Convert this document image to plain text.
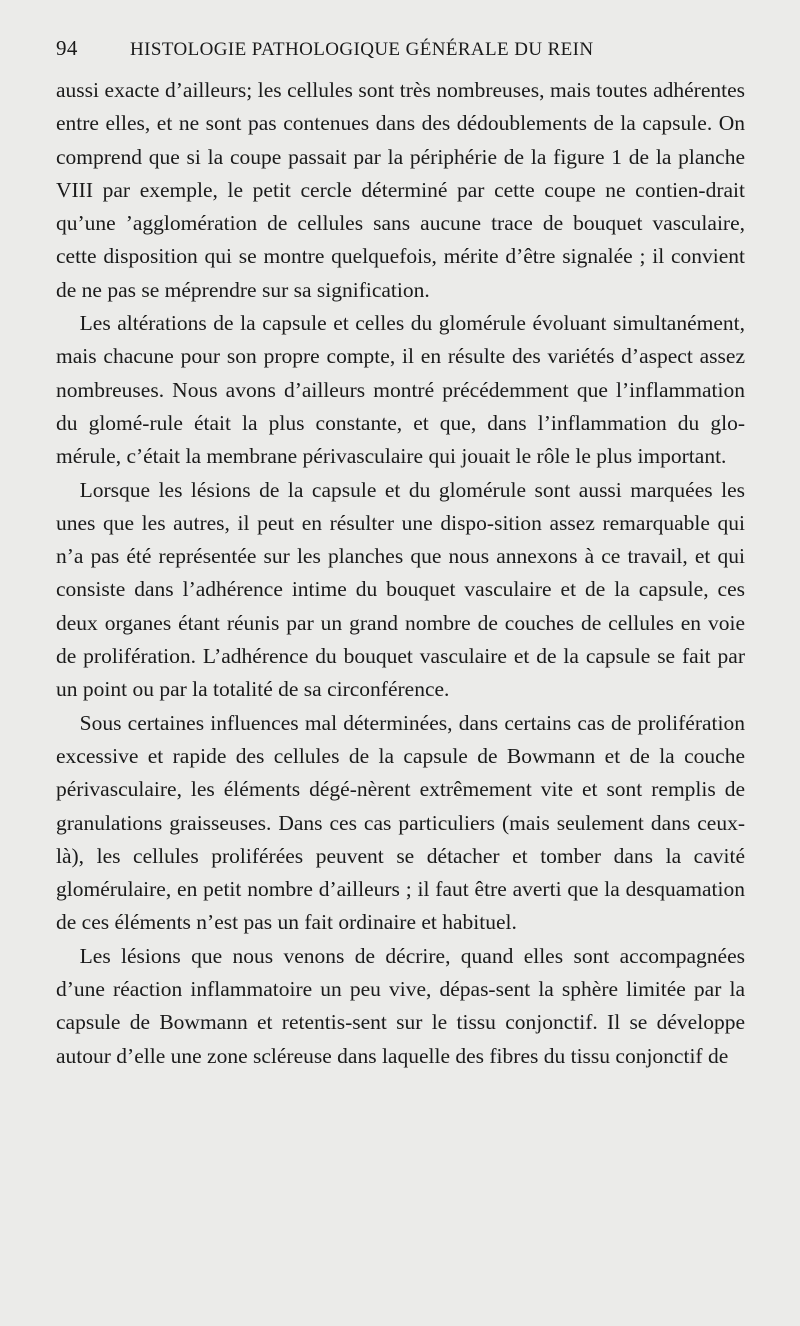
94	HISTOLOGIE PATHOLOGIQUE GÉNÉRALE DU REIN

aussi exacte d’ailleurs; les cellules sont très nombreuses, mais toutes adhérentes entre elles, et ne sont pas contenues dans des dédoublements de la capsule. On comprend que si la coupe passait par la périphérie de la figure 1 de la planche VIII par exemple, le petit cercle déterminé par cette coupe ne contien-drait qu’une ’agglomération de cellules sans aucune trace de bouquet vasculaire, cette disposition qui se montre quelquefois, mérite d’être signalée ; il convient de ne pas se méprendre sur sa signification.

Les altérations de la capsule et celles du glomérule évoluant simultanément, mais chacune pour son propre compte, il en résulte des variétés d’aspect assez nombreuses. Nous avons d’ailleurs montré précédemment que l’inflammation du glomé-rule était la plus constante, et que, dans l’inflammation du glo-mérule, c’était la membrane périvasculaire qui jouait le rôle le plus important.

Lorsque les lésions de la capsule et du glomérule sont aussi marquées les unes que les autres, il peut en résulter une dispo-sition assez remarquable qui n’a pas été représentée sur les planches que nous annexons à ce travail, et qui consiste dans l’adhérence intime du bouquet vasculaire et de la capsule, ces deux organes étant réunis par un grand nombre de couches de cellules en voie de prolifération. L’adhérence du bouquet vasculaire et de la capsule se fait par un point ou par la totalité de sa circonférence.

Sous certaines influences mal déterminées, dans certains cas de prolifération excessive et rapide des cellules de la capsule de Bowmann et de la couche périvasculaire, les éléments dégé-nèrent extrêmement vite et sont remplis de granulations graisseuses. Dans ces cas particuliers (mais seulement dans ceux-là), les cellules proliférées peuvent se détacher et tomber dans la cavité glomérulaire, en petit nombre d’ailleurs ; il faut être averti que la desquamation de ces éléments n’est pas un fait ordinaire et habituel.

Les lésions que nous venons de décrire, quand elles sont accompagnées d’une réaction inflammatoire un peu vive, dépas-sent la sphère limitée par la capsule de Bowmann et retentis-sent sur le tissu conjonctif. Il se développe autour d’elle une zone scléreuse dans laquelle des fibres du tissu conjonctif de
